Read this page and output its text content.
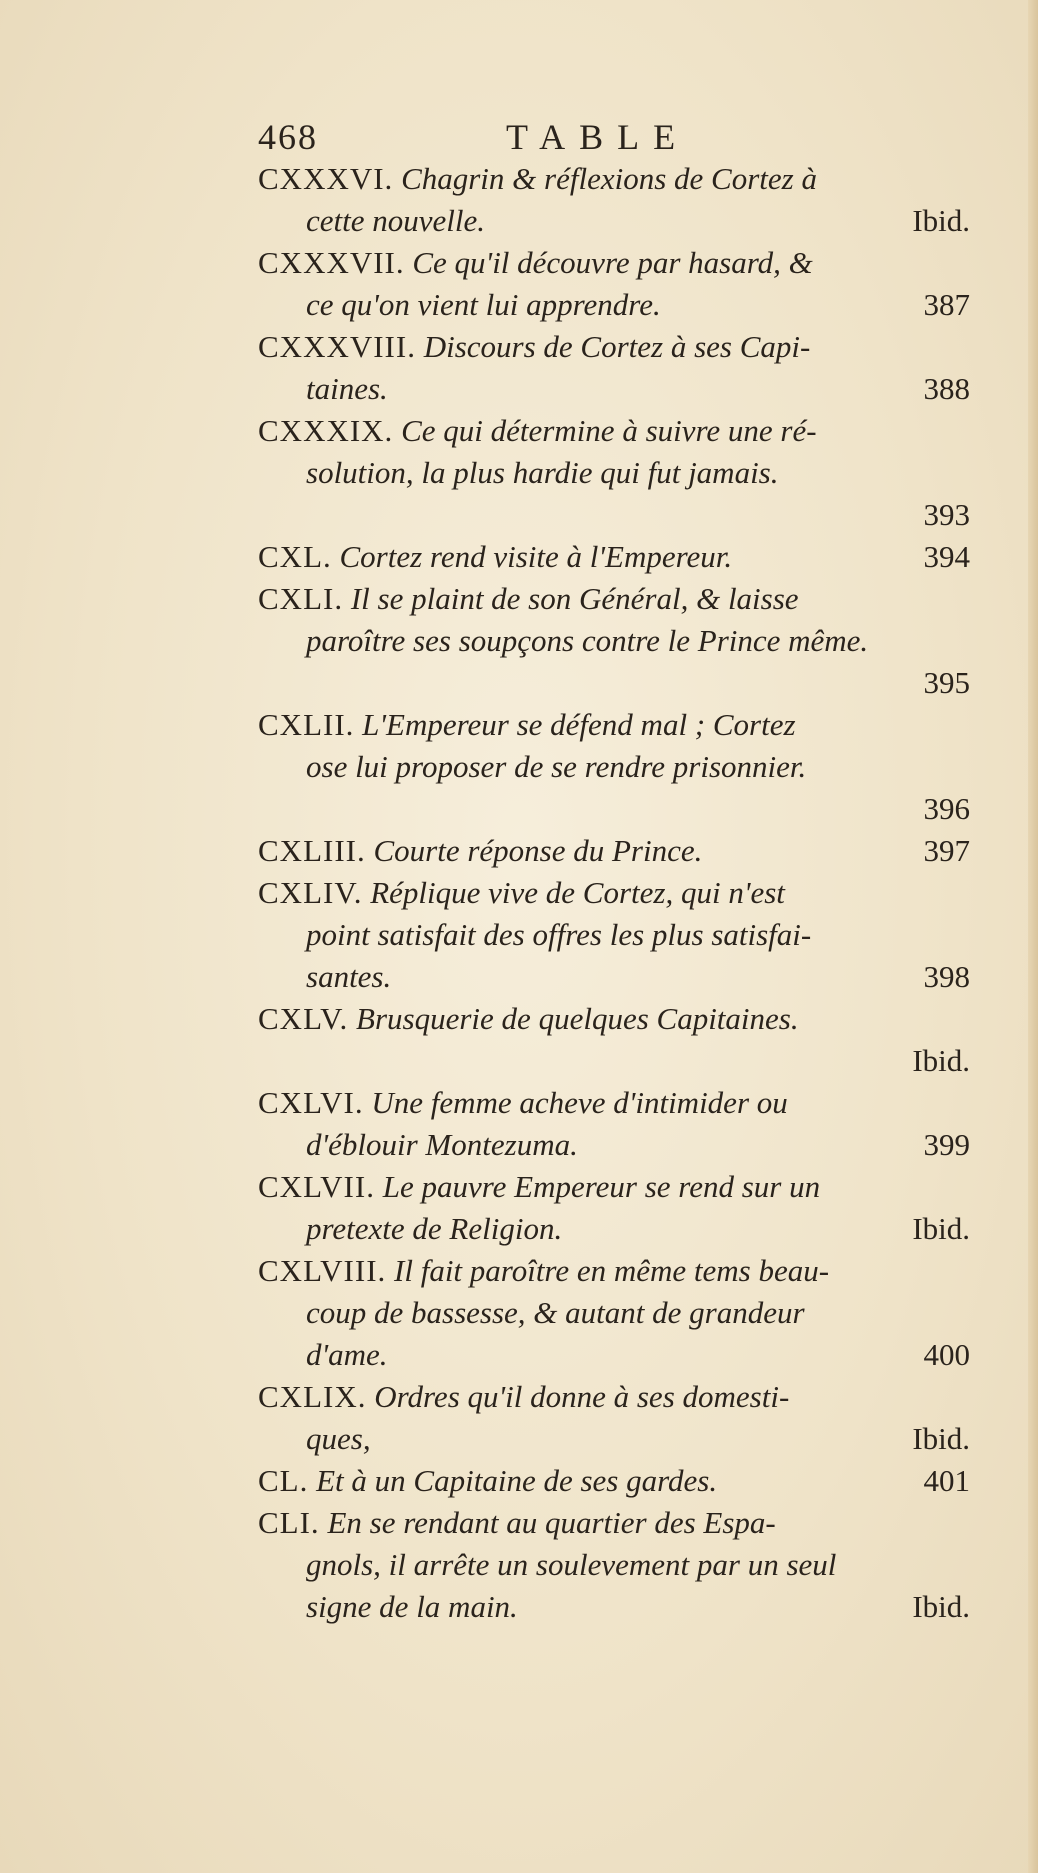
468	TABLE
CXXXVI. Chagrin & réflexions de Cortez à
cette nouvelle.	Ibid.
CXXXVII. Ce qu'il découvre par hasard, &
ce qu'on vient lui apprendre.	387
CXXXVIII. Discours de Cortez à ses Capi-
taines.	388
CXXXIX. Ce qui détermine à suivre une ré-
solution, la plus hardie qui fut jamais.
393
CXL. Cortez rend visite à l'Empereur.	394
CXLI. Il se plaint de son Général, & laisse
paroître ses soupçons contre le Prince même.
395
CXLII. L'Empereur se défend mal ; Cortez
ose lui proposer de se rendre prisonnier.
396
CXLIII. Courte réponse du Prince.	397
CXLIV. Réplique vive de Cortez, qui n'est
point satisfait des offres les plus satisfai-
santes.	398
CXLV. Brusquerie de quelques Capitaines.
Ibid.
CXLVI. Une femme acheve d'intimider ou
d'éblouir Montezuma.	399
CXLVII. Le pauvre Empereur se rend sur un
pretexte de Religion.	Ibid.
CXLVIII. Il fait paroître en même tems beau-
coup de bassesse, & autant de grandeur
d'ame.	400
CXLIX. Ordres qu'il donne à ses domesti-
ques,	Ibid.
CL. Et à un Capitaine de ses gardes.	401
CLI. En se rendant au quartier des Espa-
gnols, il arrête un soulevement par un seul
signe de la main.	Ibid.
